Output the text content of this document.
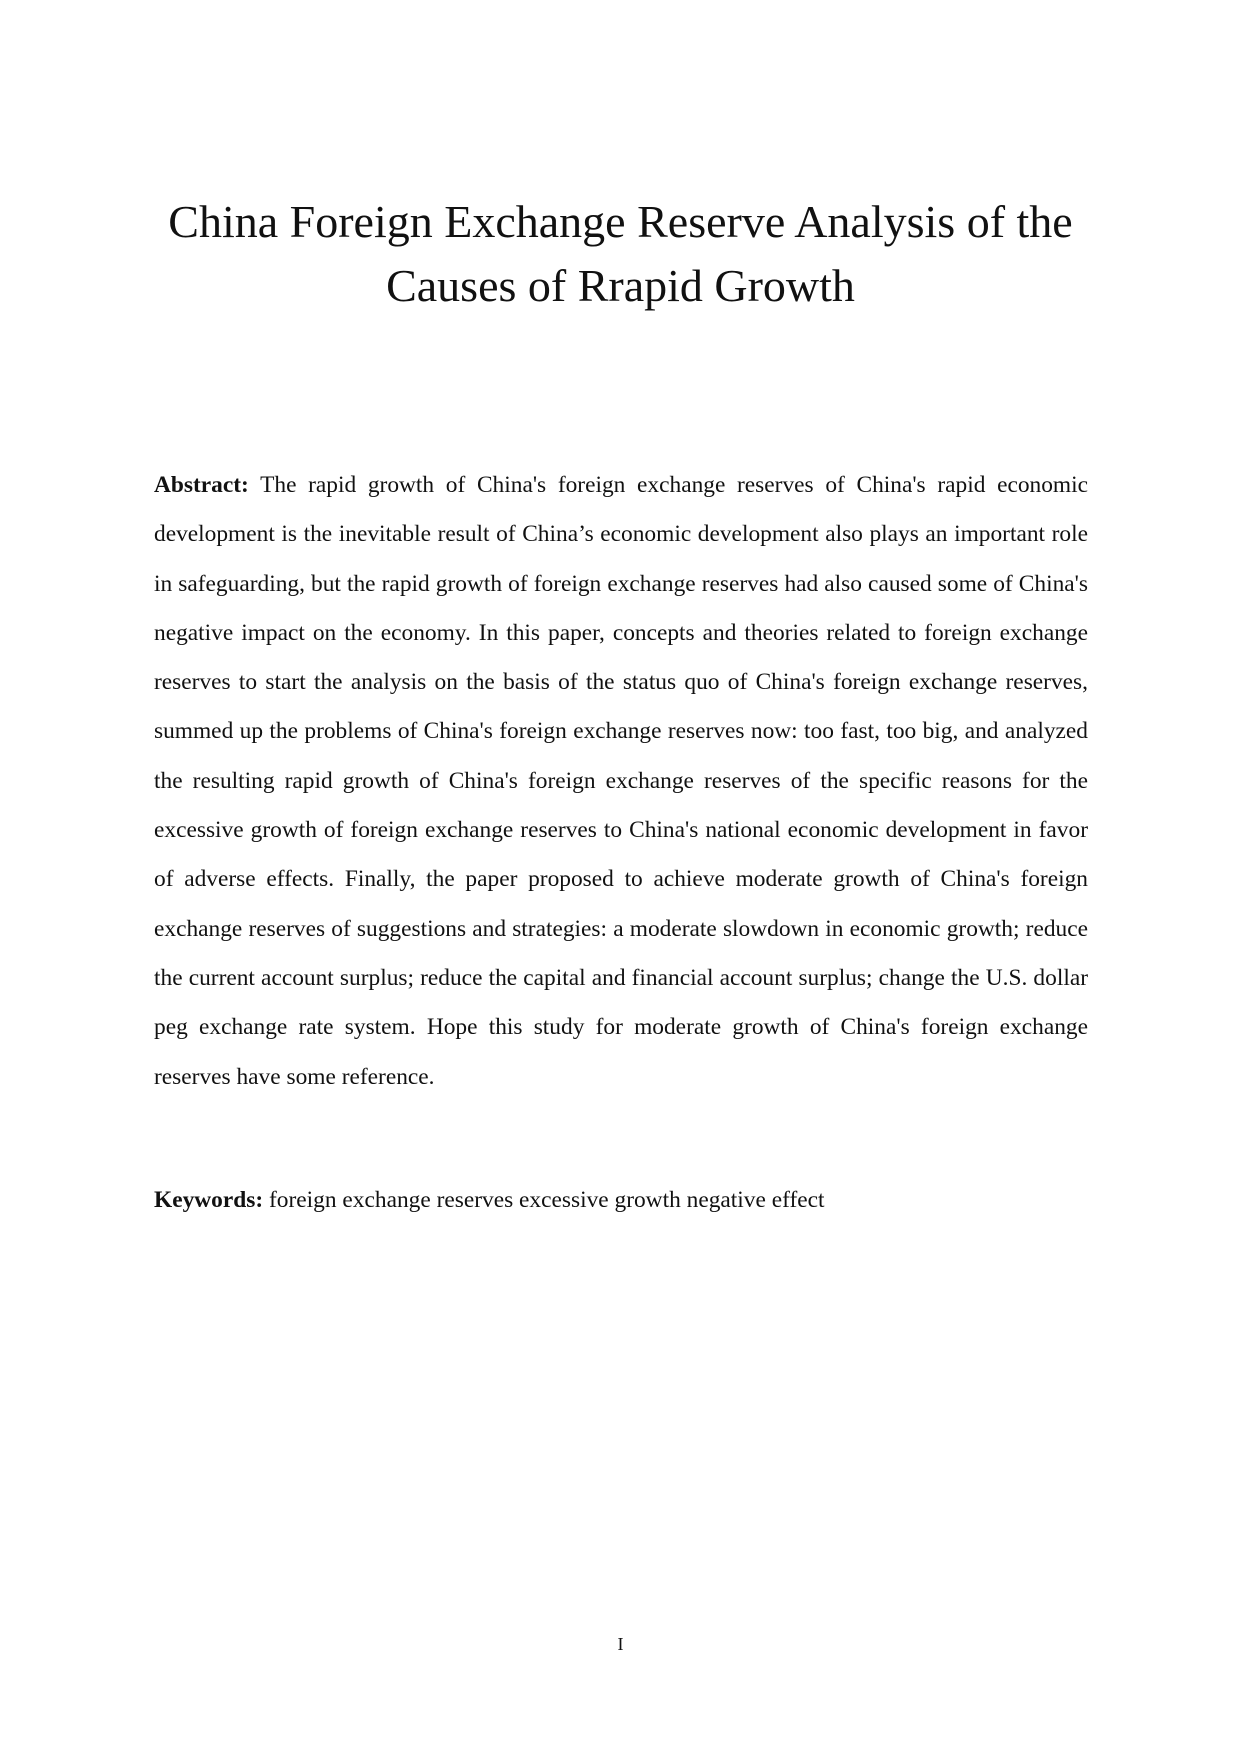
China Foreign Exchange Reserve Analysis of the
Causes of Rrapid Growth

Abstract: The rapid growth of China's foreign exchange reserves of China's rapid economic development is the inevitable result of China’s economic development also plays an important role in safeguarding, but the rapid growth of foreign exchange reserves had also caused some of China's negative impact on the economy. In this paper, concepts and theories related to foreign exchange reserves to start the analysis on the basis of the status quo of China's foreign exchange reserves, summed up the problems of China's foreign exchange reserves now: too fast, too big, and analyzed the resulting rapid growth of China's foreign exchange reserves of the specific reasons for the excessive growth of foreign exchange reserves to China's national economic development in favor of adverse effects. Finally, the paper proposed to achieve moderate growth of China's foreign exchange reserves of suggestions and strategies: a moderate slowdown in economic growth; reduce the current account surplus; reduce the capital and financial account surplus; change the U.S. dollar peg exchange rate system. Hope this study for moderate growth of China's foreign exchange reserves have some reference.

Keywords: foreign exchange reserves excessive growth negative effect

I
